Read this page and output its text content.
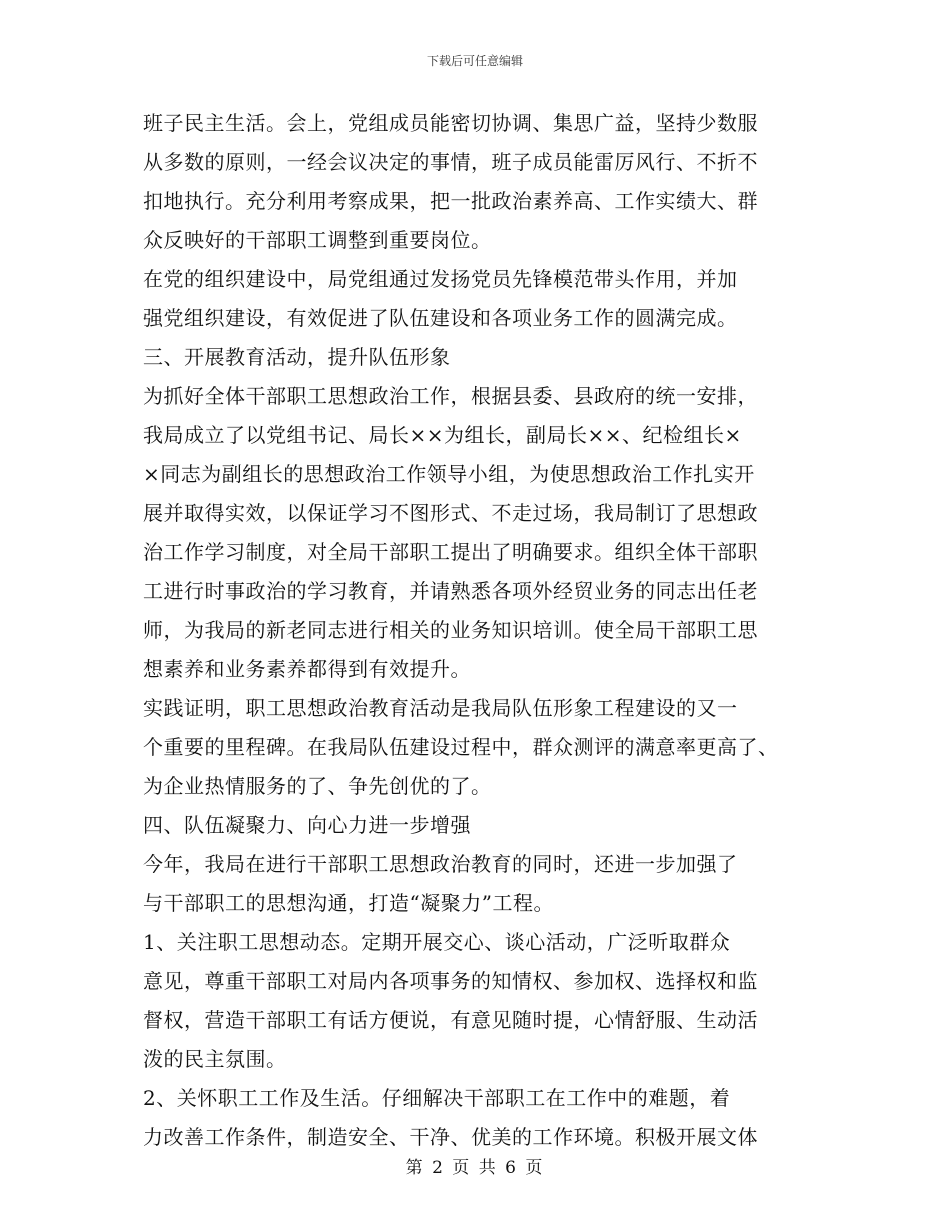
下载后可任意编辑
班子民主生活。会上，党组成员能密切协调、集思广益，坚持少数服
从多数的原则，一经会议决定的事情，班子成员能雷厉风行、不折不
扣地执行。充分利用考察成果，把一批政治素养高、工作实绩大、群
众反映好的干部职工调整到重要岗位。
在党的组织建设中，局党组通过发扬党员先锋模范带头作用，并加
强党组织建设，有效促进了队伍建设和各项业务工作的圆满完成。
三、开展教育活动，提升队伍形象
为抓好全体干部职工思想政治工作，根据县委、县政府的统一安排，
我局成立了以党组书记、局长××为组长，副局长××、纪检组长×
×同志为副组长的思想政治工作领导小组，为使思想政治工作扎实开
展并取得实效，以保证学习不图形式、不走过场，我局制订了思想政
治工作学习制度，对全局干部职工提出了明确要求。组织全体干部职
工进行时事政治的学习教育，并请熟悉各项外经贸业务的同志出任老
师，为我局的新老同志进行相关的业务知识培训。使全局干部职工思
想素养和业务素养都得到有效提升。
实践证明，职工思想政治教育活动是我局队伍形象工程建设的又一
个重要的里程碑。在我局队伍建设过程中，群众测评的满意率更高了、
为企业热情服务的了、争先创优的了。
四、队伍凝聚力、向心力进一步增强
今年，我局在进行干部职工思想政治教育的同时，还进一步加强了
与干部职工的思想沟通，打造“凝聚力”工程。
1、关注职工思想动态。定期开展交心、谈心活动，广泛听取群众
意见，尊重干部职工对局内各项事务的知情权、参加权、选择权和监
督权，营造干部职工有话方便说，有意见随时提，心情舒服、生动活
泼的民主氛围。
2、关怀职工工作及生活。仔细解决干部职工在工作中的难题，着
力改善工作条件，制造安全、干净、优美的工作环境。积极开展文体
第 2 页 共 6 页
